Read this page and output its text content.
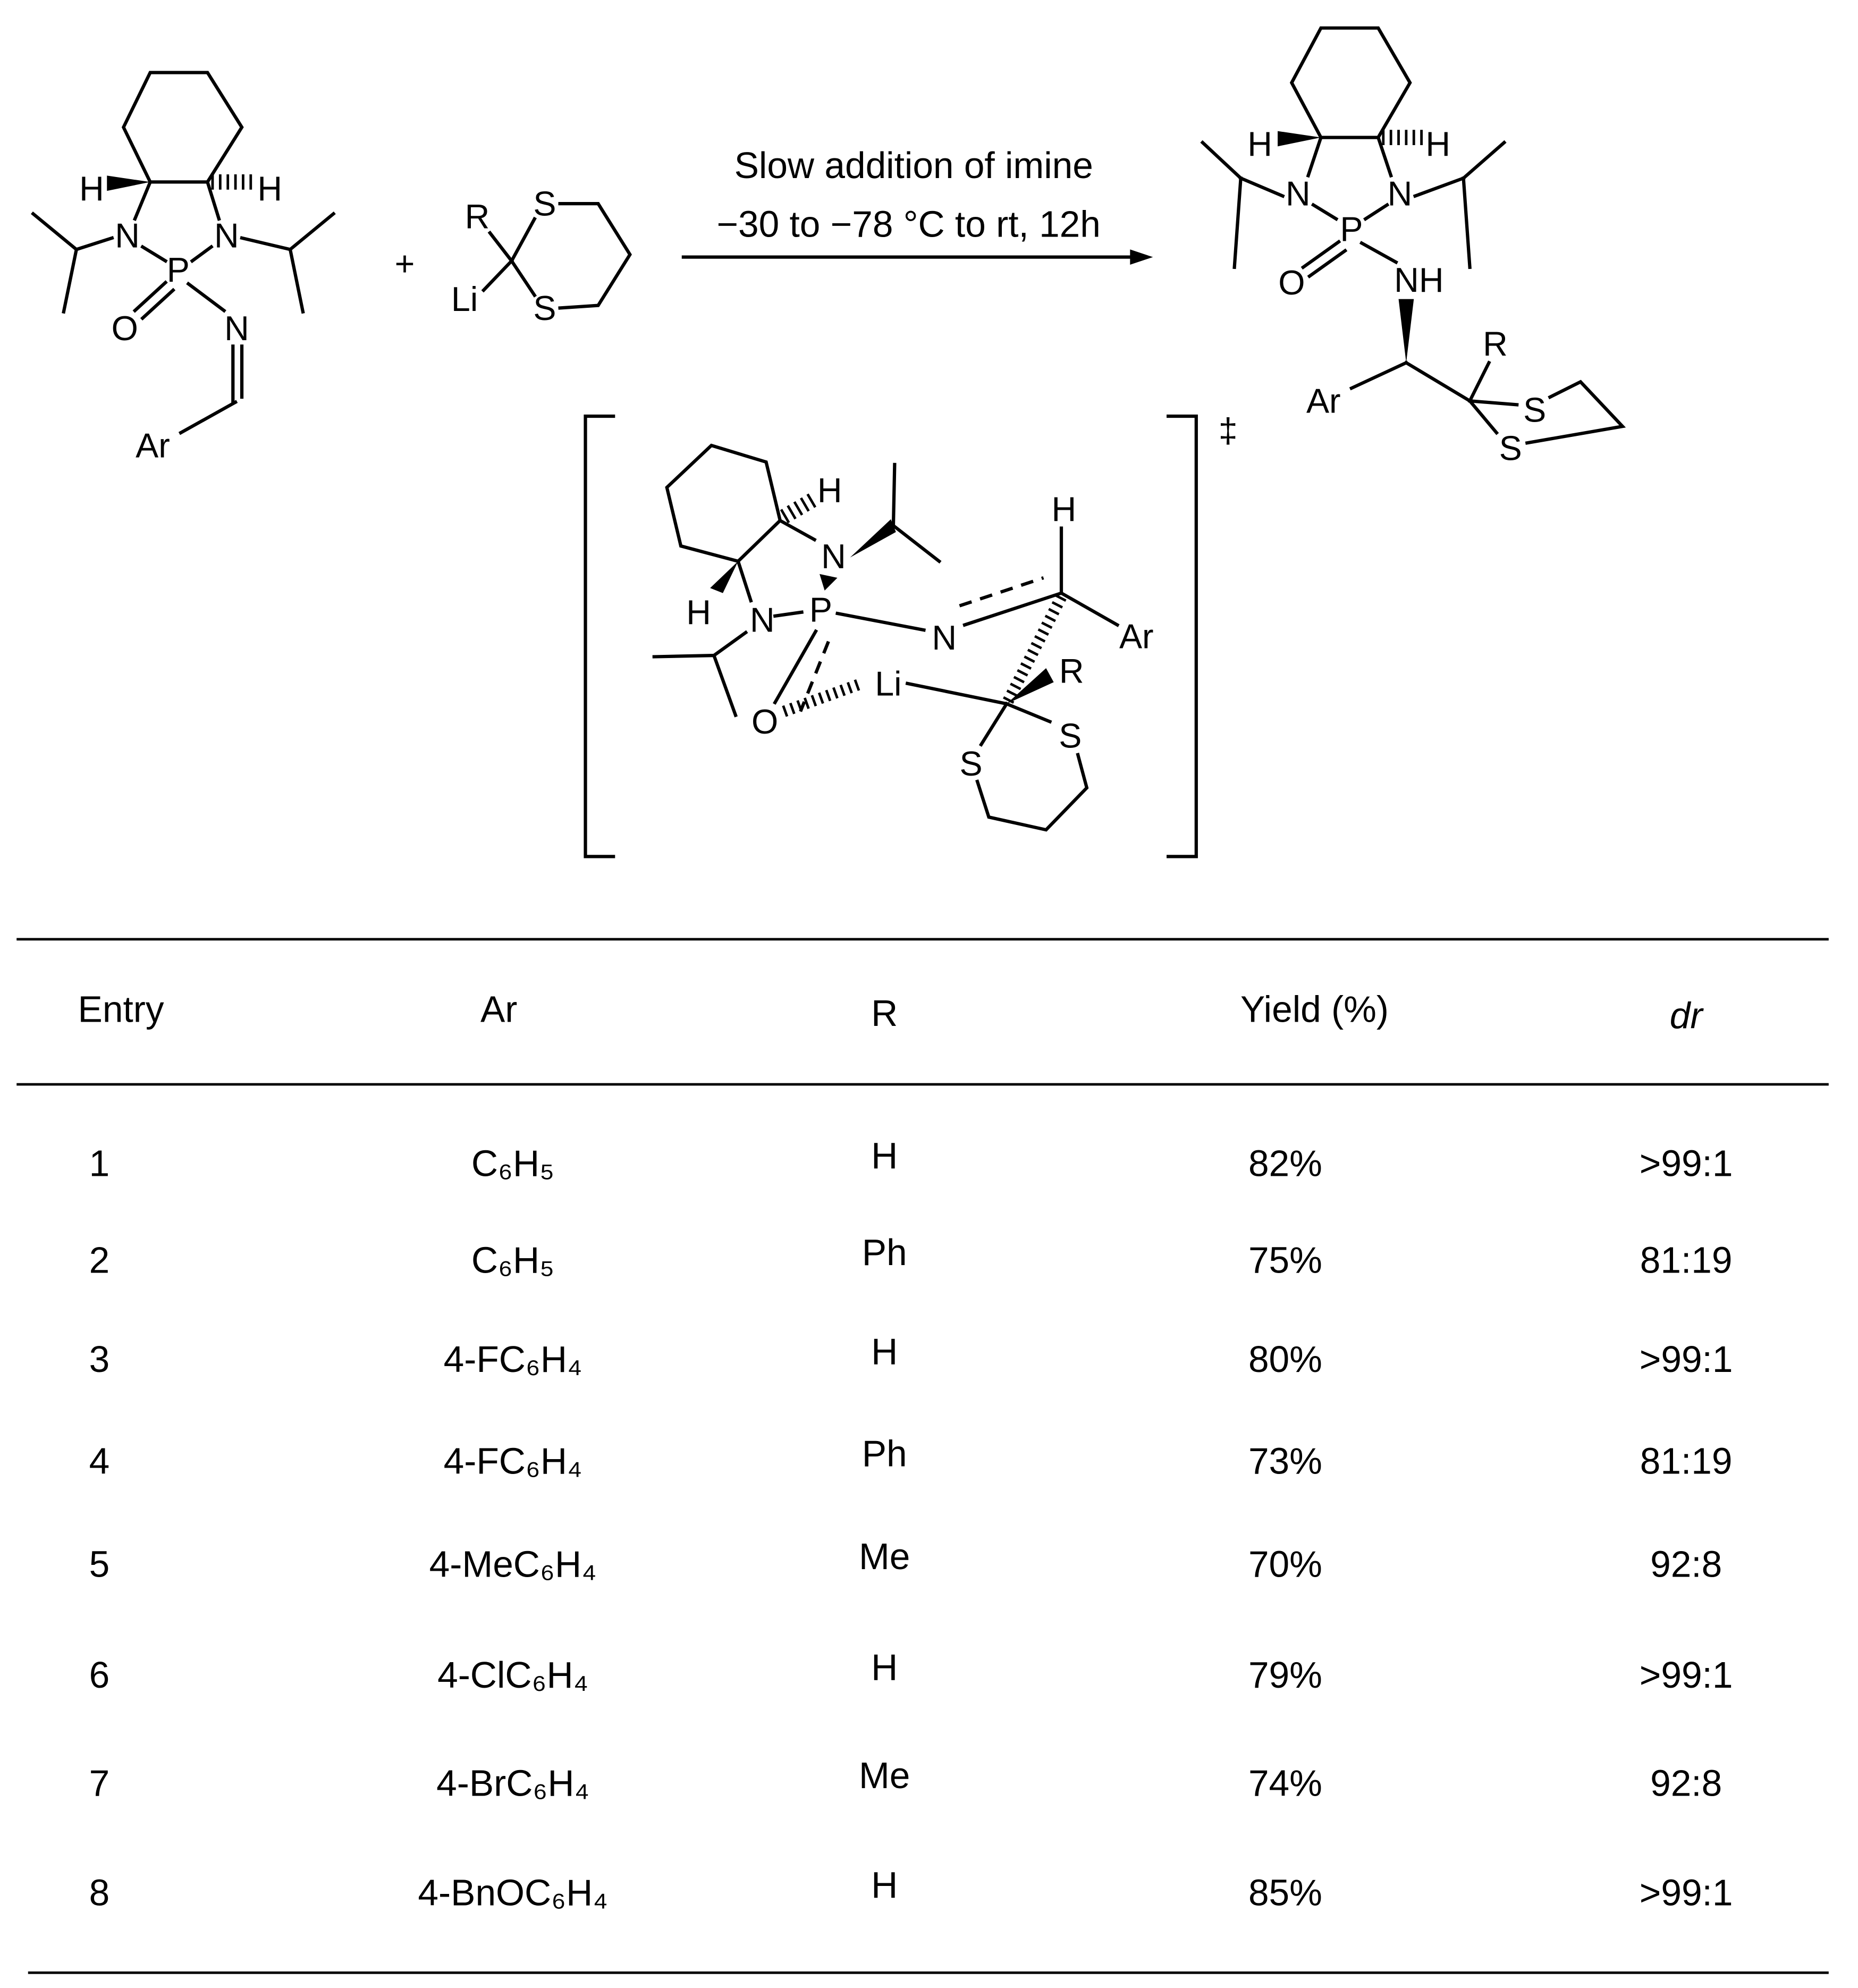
H	H
N	N
P
O	N
Ar
+
R
Li
S
S
Slow addition of imine
−30 to −78 °C to rt, 12h
H	H
N	N
P
O	NH
Ar
R
S
S
‡
H
N
H	N P
N
H
Ar
O
Li	R
S
S
Entry	Ar	R	Yield (%)	dr
1	C₆H₅	H	82%	>99:1
2	C₆H₅	Ph	75%	81:19
3	4-FC₆H₄	H	80%	>99:1
4	4-FC₆H₄	Ph	73%	81:19
5	4-MeC₆H₄	Me	70%	92:8
6	4-ClC₆H₄	H	79%	>99:1
7	4-BrC₆H₄	Me	74%	92:8
8	4-BnOC₆H₄	H	85%	>99:1
